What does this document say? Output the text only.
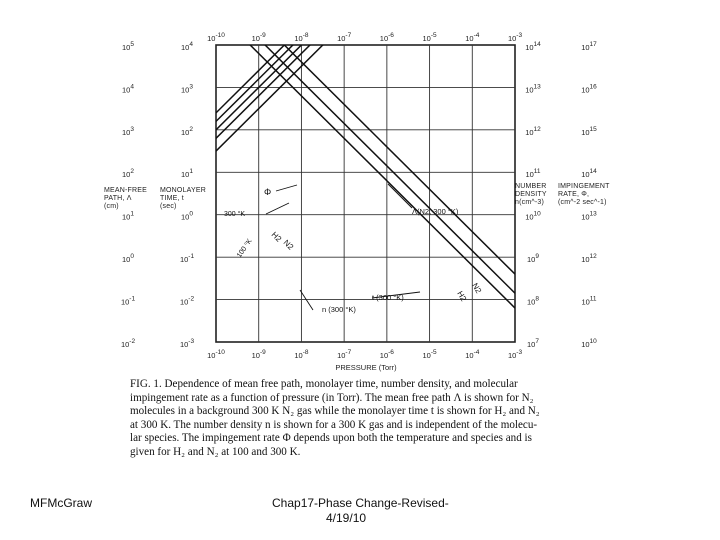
10-10	10-9	10-8	10-7	10-6	10-5	10-4	10-3
10-10	10-9	10-8	10-7	10-6	10-5	10-4	10-3
105
104
103
102
101
100
10-1
10-2
104
103
102
101
100
10-1
10-2
10-3
1014
1013
1012
1011
1010
109
108
107
1017
1016
1015
1014
1013
1012
1011
1010
PRESSURE (Torr)
Φ
300 °K
H2
N2
100 °K
Λ(N2, 300 °K)
t (300 °K)
n (300 °K)
N2
H2
MEAN-FREE
PATH, Λ
(cm)
MONOLAYER
TIME, t
(sec)
NUMBER
DENSITY
n(cm^-3)
IMPINGEMENT
RATE, Φ,
(cm^-2 sec^-1)
FIG. 1. Dependence of mean free path, monolayer time, number density, and molecular
impingement rate as a function of pressure (in Torr). The mean free path Λ is shown for N₂
molecules in a background 300 K N₂ gas while the monolayer time t is shown for H₂ and N₂
at 300 K. The number density n is shown for a 300 K gas and is independent of the molecu-
lar species. The impingement rate Φ depends upon both the temperature and species and is
given for H₂ and N₂ at 100 and 300 K.
MFMcGraw	Chap17-Phase Change-Revised-
4/19/10
